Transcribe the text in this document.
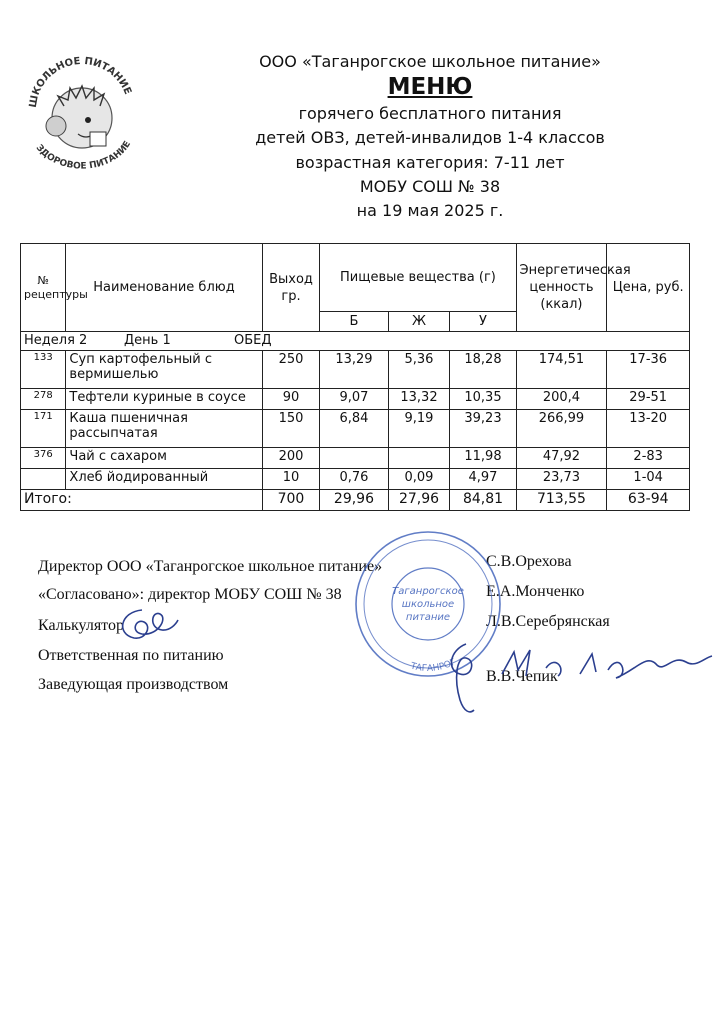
ШКОЛЬНОЕ ПИТАНИЕ
ЗДОРОВОЕ ПИТАНИЕ

ООО «Таганрогское школьное питание»

МЕНЮ

горячего бесплатного питания

детей ОВЗ, детей-инвалидов 1-4 классов

возрастная категория: 7-11 лет

МОБУ СОШ № 38

на 19 мая 2025 г.

№ рецептуры	Наименование блюд	Выход гр.	Пищевые вещества (г)			Энергетическая ценность (ккал)	Цена, руб.
			Б	Ж	У		
Неделя 2 День 1 ОБЕД							
133	Суп картофельный с вермишелью	250	13,29	5,36	18,28	174,51	17-36
278	Тефтели куриные в соусе	90	9,07	13,32	10,35	200,4	29-51
171	Каша пшеничная рассыпчатая	150	6,84	9,19	39,23	266,99	13-20
376	Чай с сахаром	200			11,98	47,92	2-83
	Хлеб йодированный	10	0,76	0,09	4,97	23,73	1-04
Итого:		700	29,96	27,96	84,81	713,55	63-94

Директор ООО «Таганрогское школьное питание»	С.В.Орехова

«Согласовано»: директор МОБУ СОШ № 38	Е.А.Монченко

Калькулятор	Л.В.Серебрянская

Ответственная по питанию

Заведующая производством	В.В.Чепик

Таганрогское
школьное
питание
ТАГАНРОГ
